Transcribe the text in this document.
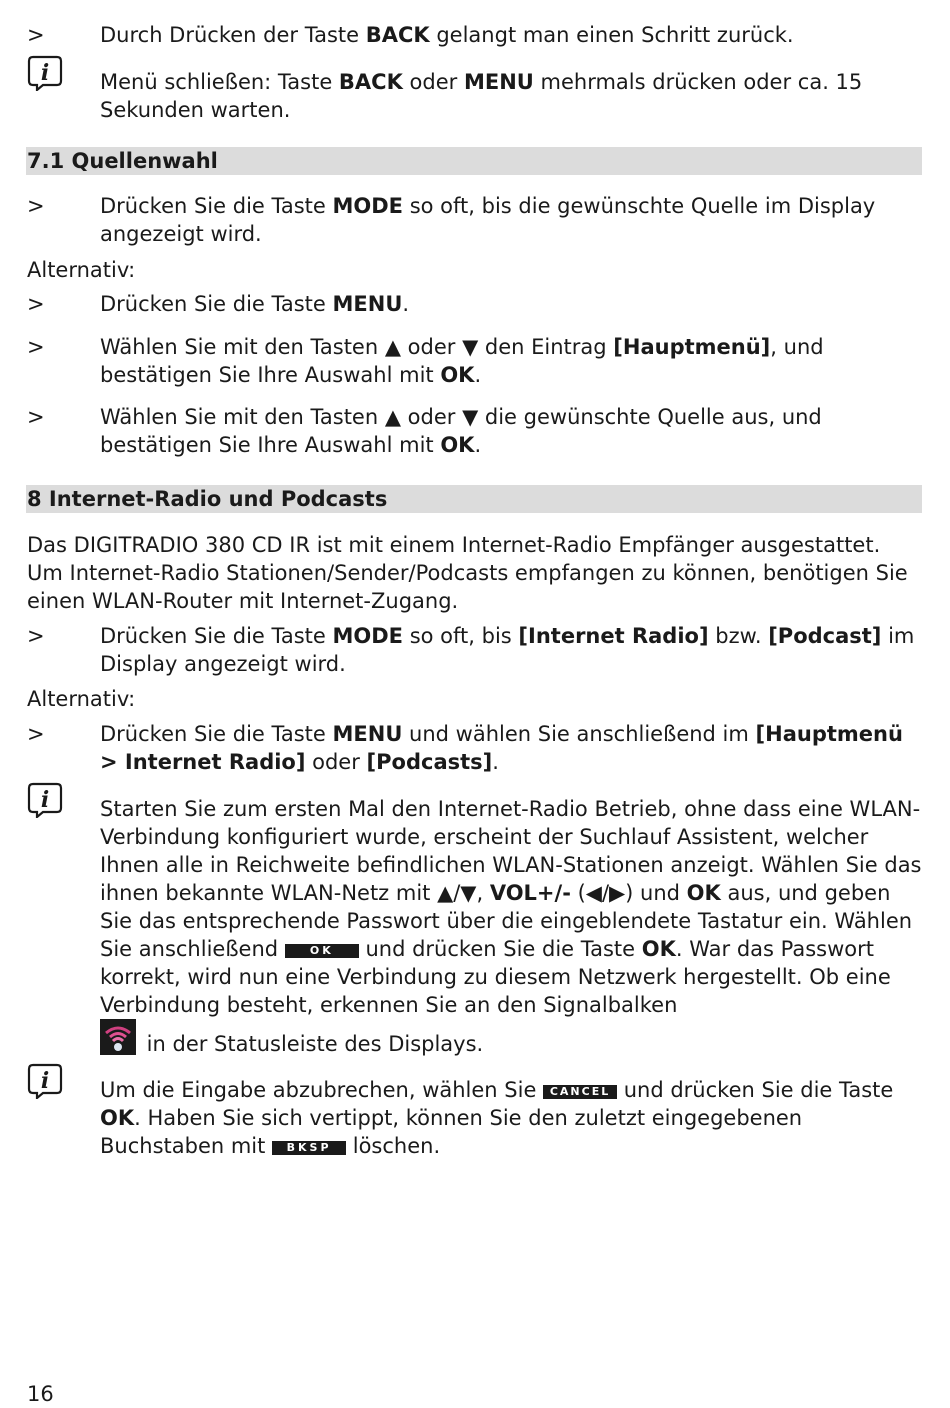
>	Durch Drücken der Taste BACK gelangt man einen Schritt zurück.
i Menü schließen: Taste BACK oder MENU mehrmals drücken oder ca. 15 Sekunden warten.
7.1 Quellenwahl
>	Drücken Sie die Taste MODE so oft, bis die gewünschte Quelle im Display angezeigt wird.
Alternativ:
>	Drücken Sie die Taste MENU.
>	Wählen Sie mit den Tasten ▲ oder ▼ den Eintrag [Hauptmenü], und bestätigen Sie Ihre Auswahl mit OK.
>	Wählen Sie mit den Tasten ▲ oder ▼ die gewünschte Quelle aus, und bestätigen Sie Ihre Auswahl mit OK.
8 Internet-Radio und Podcasts
Das DIGITRADIO 380 CD IR ist mit einem Internet-Radio Empfänger ausgestattet. Um Internet-Radio Stationen/Sender/Podcasts empfangen zu können, benötigen Sie einen WLAN-Router mit Internet-Zugang.
>	Drücken Sie die Taste MODE so oft, bis [Internet Radio] bzw. [Podcast] im Display angezeigt wird.
Alternativ:
>	Drücken Sie die Taste MENU und wählen Sie anschließend im [Hauptmenü > Internet Radio] oder [Podcasts].
i Starten Sie zum ersten Mal den Internet-Radio Betrieb, ohne dass eine WLAN-Verbindung konfiguriert wurde, erscheint der Suchlauf Assistent, welcher Ihnen alle in Reichweite befindlichen WLAN-Stationen anzeigt. Wählen Sie das ihnen bekannte WLAN-Netz mit ▲/▼, VOL+/- (◀/▶) und OK aus, und geben Sie das entsprechende Passwort über die eingeblendete Tastatur ein. Wählen Sie anschließend OK und drücken Sie die Taste OK. War das Passwort korrekt, wird nun eine Verbindung zu diesem Netzwerk hergestellt. Ob eine Verbindung besteht, erkennen Sie an den Signalbalken
in der Statusleiste des Displays.
i Um die Eingabe abzubrechen, wählen Sie CANCEL und drücken Sie die Taste OK. Haben Sie sich vertippt, können Sie den zuletzt eingegebenen Buchstaben mit BKSP löschen.
16
